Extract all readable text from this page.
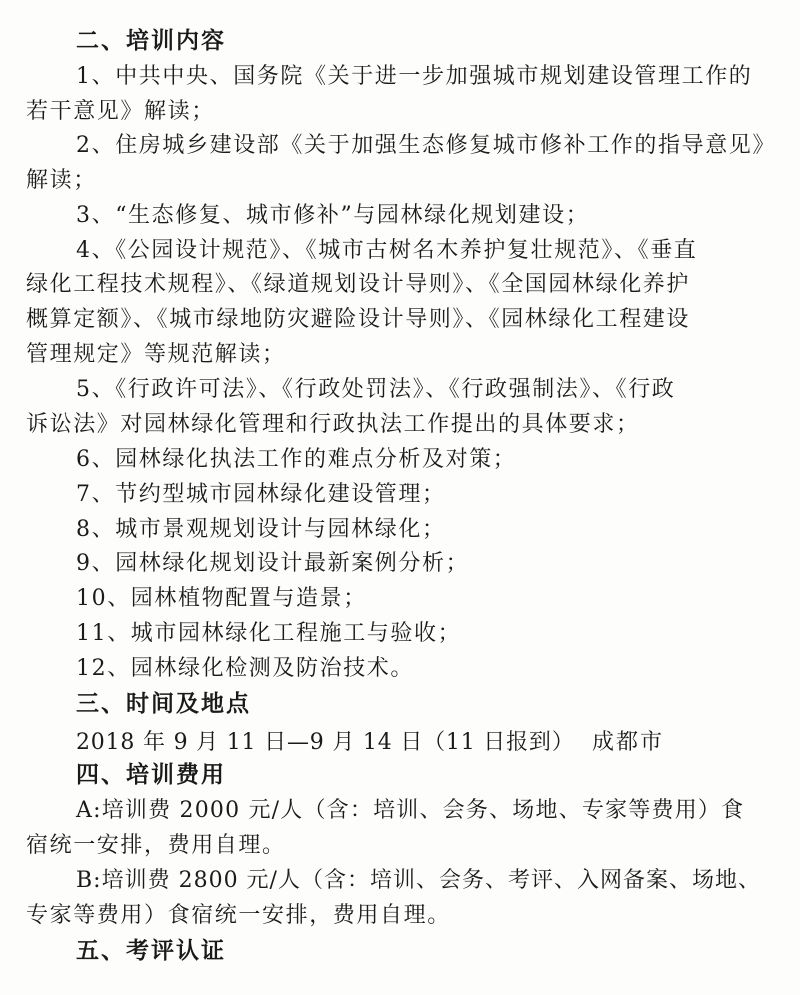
二、培训内容
1、中共中央、国务院《关于进一步加强城市规划建设管理工作的
若干意见》解读；
2、住房城乡建设部《关于加强生态修复城市修补工作的指导意见》
解读；
3、“生态修复、城市修补”与园林绿化规划建设；
4、《公园设计规范》、《城市古树名木养护复壮规范》、《垂直
绿化工程技术规程》、《绿道规划设计导则》、《全国园林绿化养护
概算定额》、《城市绿地防灾避险设计导则》、《园林绿化工程建设
管理规定》等规范解读；
5、《行政许可法》、《行政处罚法》、《行政强制法》、《行政
诉讼法》对园林绿化管理和行政执法工作提出的具体要求；
6、园林绿化执法工作的难点分析及对策；
7、节约型城市园林绿化建设管理；
8、城市景观规划设计与园林绿化；
9、园林绿化规划设计最新案例分析；
10、园林植物配置与造景；
11、城市园林绿化工程施工与验收；
12、园林绿化检测及防治技术。
三、时间及地点
2018 年 9 月 11 日—9 月 14 日（11 日报到） 成都市
四、培训费用
A:培训费 2000 元/人（含：培训、会务、场地、专家等费用）食
宿统一安排，费用自理。
B:培训费 2800 元/人（含：培训、会务、考评、入网备案、场地、
专家等费用）食宿统一安排，费用自理。
五、考评认证
